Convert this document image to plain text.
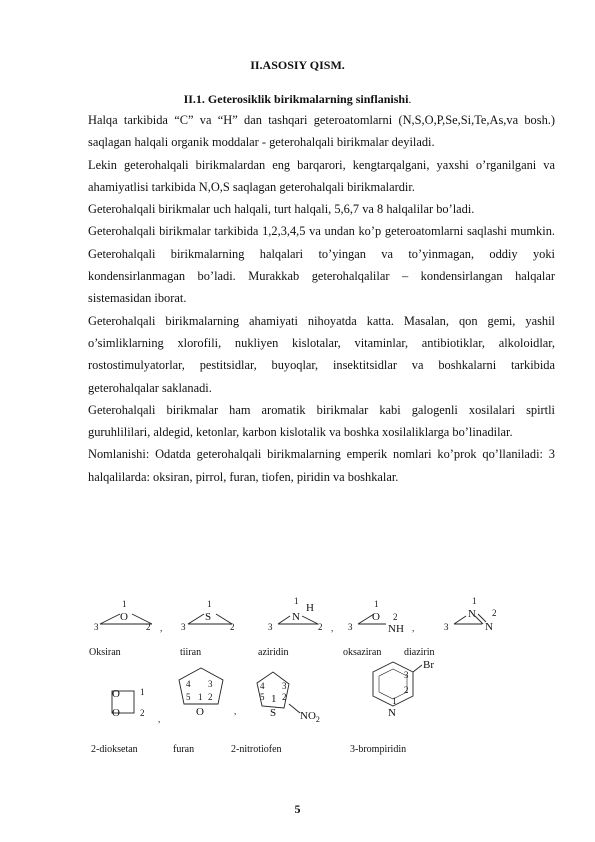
II.ASOSIY QISM.
II.1. Geterosiklik birikmalarning sinflanishi.

Halqa tarkibida “C” va “H” dan tashqari geteroatomlarni (N,S,O,P,Se,Si,Te,As,va bosh.) saqlagan halqali organik moddalar - geterohalqali birikmalar deyiladi.

Lekin geterohalqali birikmalardan eng barqarori, kengtarqalgani, yaxshi o’rganilgani va ahamiyatlisi tarkibida N,O,S saqlagan geterohalqali birikmalardir.

Geterohalqali birikmalar uch halqali, turt halqali, 5,6,7 va 8 halqalilar bo’ladi.

Geterohalqali birikmalar tarkibida 1,2,3,4,5 va undan ko’p geteroatomlarni saqlashi mumkin. Geterohalqali birikmalarning halqalari to’yingan va to’yinmagan, oddiy yoki kondensirlanmagan bo’ladi. Murakkab geterohalqalilar – kondensirlangan halqalar sistemasidan iborat.

Geterohalqali birikmalarning ahamiyati nihoyatda katta. Masalan, qon gemi, yashil o’simliklarning xlorofili, nukliyen kislotalar, vitaminlar, antibiotiklar, alkoloidlar, rostostimulyatorlar, pestitsidlar, buyoqlar, insektitsidlar va boshkalarni tarkibida geterohalqalar saklanadi.

Geterohalqali birikmalar ham aromatik birikmalar kabi galogenli xosilalari spirtli guruhlililari, aldegid, ketonlar, karbon kislotalik va boshka xosilaliklarga bo’linadilar.

Nomlanishi: Odatda geterohalqali birikmalarning emperik nomlari ko’prok qo’llaniladi: 3 halqalilarda: oksiran, pirrol, furan, tiofen, piridin va boshkalar.

1
O
3	2 ,
1
S
3	2
1
N
H
3	2 ,
1
O 2
NH
3	,
1
N 2
N
3
Oksiran	tiiran	aziridin	oksaziran diazirin
O 1
O 2
,
4 3
5 1 2
O	,
4 3
5 1 2
S $NO_2$
Br
3
2
1
N
2-dioksetan	furan	2-nitrotiofen	3-brompiridin
5
